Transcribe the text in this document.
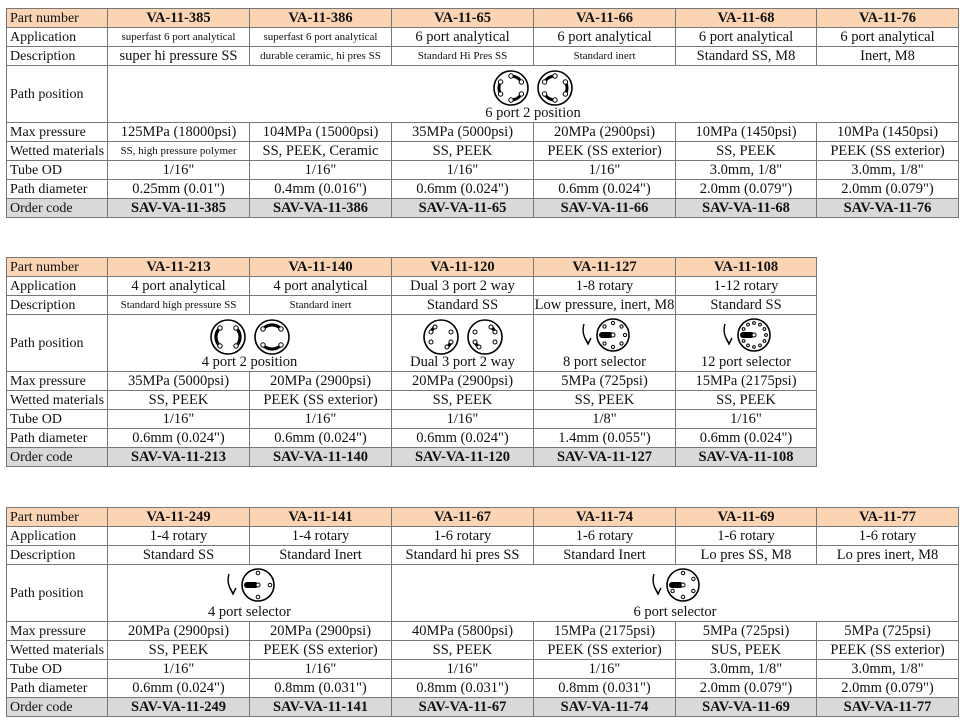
Part number	VA-11-385	VA-11-386	VA-11-65	VA-11-66	VA-11-68	VA-11-76
Application	superfast 6 port analytical	superfast 6 port analytical	6 port analytical	6 port analytical	6 port analytical	6 port analytical
Description	super hi pressure SS	durable ceramic, hi pres SS	Standard Hi Pres SS	Standard inert	Standard SS, M8	Inert, M8
Path position	6 port 2 position					

Max pressure	125MPa (18000psi)	104MPa (15000psi)	35MPa (5000psi)	20MPa (2900psi)	10MPa (1450psi)	10MPa (1450psi)
Wetted materials	SS, high pressure polymer	SS, PEEK, Ceramic	SS, PEEK	PEEK (SS exterior)	SS, PEEK	PEEK (SS exterior)
Tube OD	1/16"	1/16"	1/16"	1/16"	3.0mm, 1/8"	3.0mm, 1/8"
Path diameter	0.25mm (0.01")	0.4mm (0.016")	0.6mm (0.024")	0.6mm (0.024")	2.0mm (0.079")	2.0mm (0.079")
Order code	SAV-VA-11-385	SAV-VA-11-386	SAV-VA-11-65	SAV-VA-11-66	SAV-VA-11-68	SAV-VA-11-76
Part number	VA-11-213	VA-11-140	VA-11-120	VA-11-127	VA-11-108
Application	4 port analytical	4 port analytical	Dual 3 port 2 way	1-8 rotary	1-12 rotary
Description	Standard high pressure SS	Standard inert	Standard SS	Low pressure, inert, M8	Standard SS
Path position	4 port 2 position		Dual 3 port 2 way	8 port selector	12 port selector

Max pressure	35MPa (5000psi)	20MPa (2900psi)	20MPa (2900psi)	5MPa (725psi)	15MPa (2175psi)
Wetted materials	SS, PEEK	PEEK (SS exterior)	SS, PEEK	SS, PEEK	SS, PEEK
Tube OD	1/16"	1/16"	1/16"	1/8"	1/16"
Path diameter	0.6mm (0.024")	0.6mm (0.024")	0.6mm (0.024")	1.4mm (0.055")	0.6mm (0.024")
Order code	SAV-VA-11-213	SAV-VA-11-140	SAV-VA-11-120	SAV-VA-11-127	SAV-VA-11-108
Part number	VA-11-249	VA-11-141	VA-11-67	VA-11-74	VA-11-69	VA-11-77
Application	1-4 rotary	1-4 rotary	1-6 rotary	1-6 rotary	1-6 rotary	1-6 rotary
Description	Standard SS	Standard Inert	Standard hi pres SS	Standard Inert	Lo pres SS, M8	Lo pres inert, M8
Path position	4 port selector		6 port selector			

Max pressure	20MPa (2900psi)	20MPa (2900psi)	40MPa (5800psi)	15MPa (2175psi)	5MPa (725psi)	5MPa (725psi)
Wetted materials	SS, PEEK	PEEK (SS exterior)	SS, PEEK	PEEK (SS exterior)	SUS, PEEK	PEEK (SS exterior)
Tube OD	1/16"	1/16"	1/16"	1/16"	3.0mm, 1/8"	3.0mm, 1/8"
Path diameter	0.6mm (0.024")	0.8mm (0.031")	0.8mm (0.031")	0.8mm (0.031")	2.0mm (0.079")	2.0mm (0.079")
Order code	SAV-VA-11-249	SAV-VA-11-141	SAV-VA-11-67	SAV-VA-11-74	SAV-VA-11-69	SAV-VA-11-77
